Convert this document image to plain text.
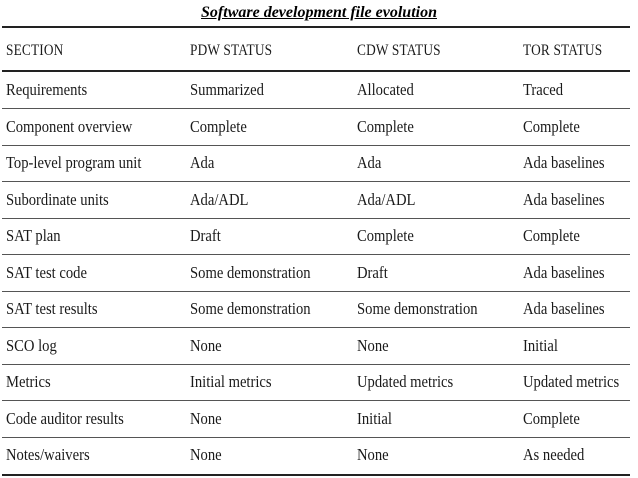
Software development file evolution
SECTION	PDW STATUS	CDW STATUS	TOR STATUS
Requirements	Summarized	Allocated	Traced
Component overview	Complete	Complete	Complete
Top-level program unit	Ada	Ada	Ada baselines
Subordinate units	Ada/ADL	Ada/ADL	Ada baselines
SAT plan	Draft	Complete	Complete
SAT test code	Some demonstration	Draft	Ada baselines
SAT test results	Some demonstration	Some demonstration	Ada baselines
SCO log	None	None	Initial
Metrics	Initial metrics	Updated metrics	Updated metrics
Code auditor results	None	Initial	Complete
Notes/waivers	None	None	As needed
